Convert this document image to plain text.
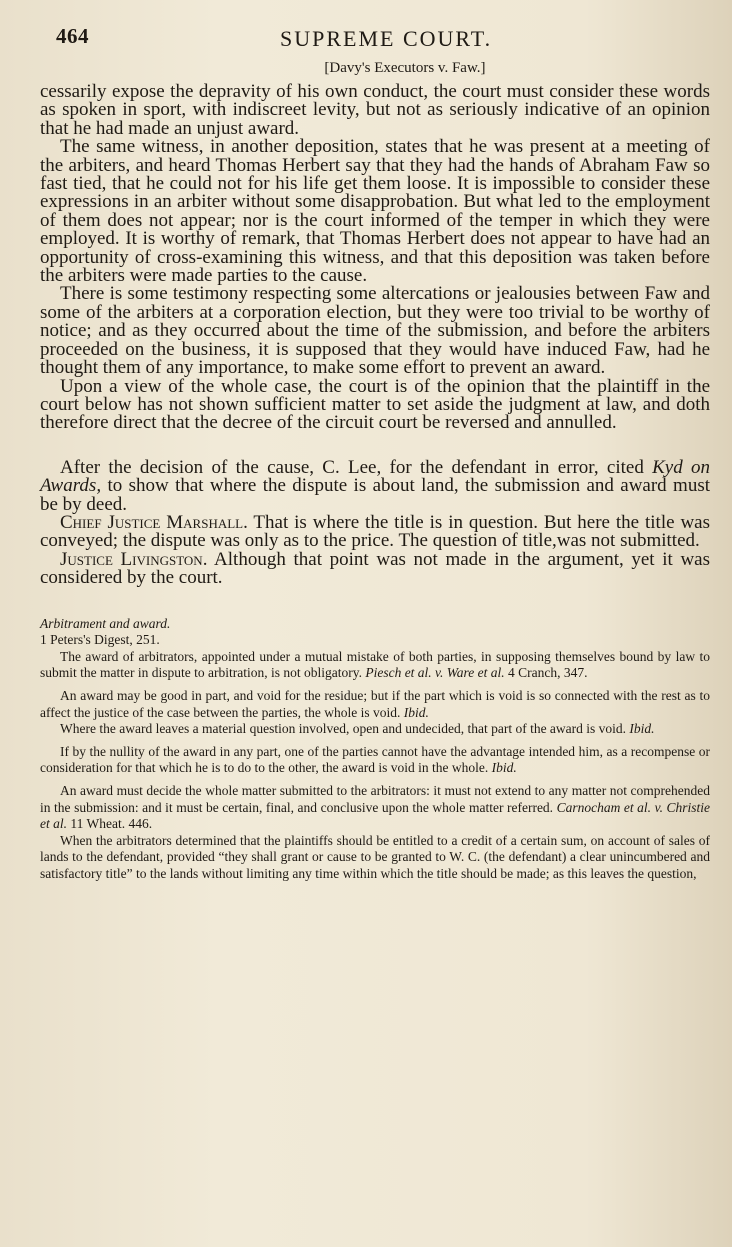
464	SUPREME COURT.
[Davy's Executors v. Faw.]

cessarily expose the depravity of his own conduct, the court must consider these words as spoken in sport, with indiscreet levity, but not as seriously indicative of an opinion that he had made an unjust award.

The same witness, in another deposition, states that he was present at a meeting of the arbiters, and heard Thomas Herbert say that they had the hands of Abraham Faw so fast tied, that he could not for his life get them loose. It is impossible to consider these expressions in an arbiter without some disapprobation. But what led to the employment of them does not appear; nor is the court informed of the temper in which they were employed. It is worthy of remark, that Thomas Herbert does not appear to have had an opportunity of cross-examining this witness, and that this deposition was taken before the arbiters were made parties to the cause.

There is some testimony respecting some altercations or jealousies between Faw and some of the arbiters at a corporation election, but they were too trivial to be worthy of notice; and as they occurred about the time of the submission, and before the arbiters proceeded on the business, it is supposed that they would have induced Faw, had he thought them of any importance, to make some effort to prevent an award.

Upon a view of the whole case, the court is of the opinion that the plaintiff in the court below has not shown sufficient matter to set aside the judgment at law, and doth therefore direct that the decree of the circuit court be reversed and annulled.

After the decision of the cause, C. Lee, for the defendant in error, cited Kyd on Awards, to show that where the dispute is about land, the submission and award must be by deed.

Chief Justice Marshall. That is where the title is in question. But here the title was conveyed; the dispute was only as to the price. The question of title,was not submitted.

Justice Livingston. Although that point was not made in the argument, yet it was considered by the court.

Arbitrament and award.
1 Peters's Digest, 251.

The award of arbitrators, appointed under a mutual mistake of both parties, in supposing themselves bound by law to submit the matter in dispute to arbitration, is not obligatory. Piesch et al. v. Ware et al. 4 Cranch, 347.

An award may be good in part, and void for the residue; but if the part which is void is so connected with the rest as to affect the justice of the case between the parties, the whole is void. Ibid.

Where the award leaves a material question involved, open and undecided, that part of the award is void. Ibid.

If by the nullity of the award in any part, one of the parties cannot have the advantage intended him, as a recompense or consideration for that which he is to do to the other, the award is void in the whole. Ibid.

An award must decide the whole matter submitted to the arbitrators: it must not extend to any matter not comprehended in the submission: and it must be certain, final, and conclusive upon the whole matter referred. Carnocham et al. v. Christie et al. 11 Wheat. 446.

When the arbitrators determined that the plaintiffs should be entitled to a credit of a certain sum, on account of sales of lands to the defendant, provided “they shall grant or cause to be granted to W. C. (the defendant) a clear unincumbered and satisfactory title” to the lands without limiting any time within which the title should be made; as this leaves the question,
